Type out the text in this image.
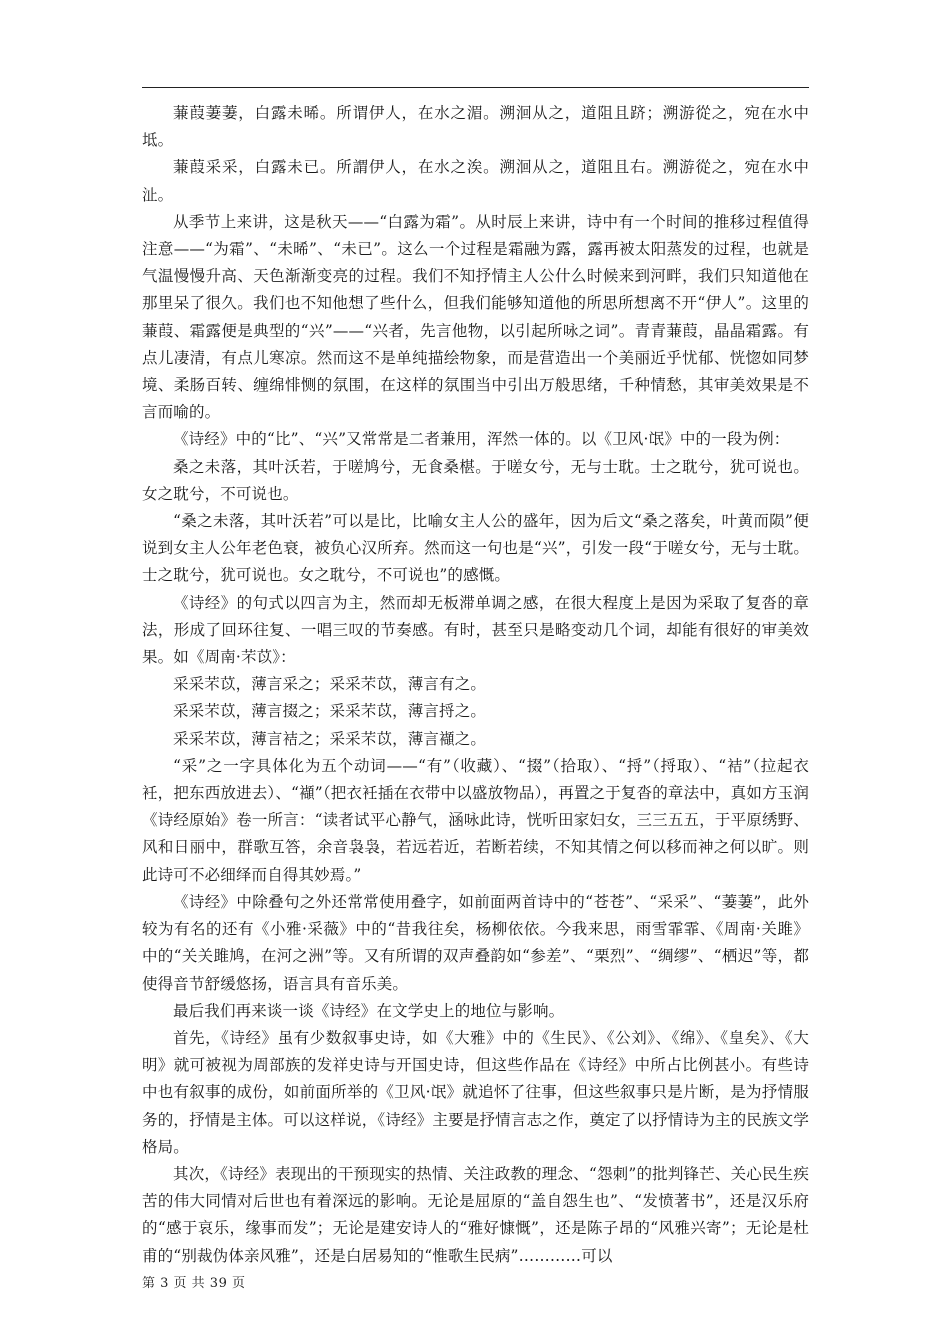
蒹葭萋萋，白露未晞。所谓伊人，在水之湄。溯洄从之，道阻且跻；溯游從之，宛在水中坻。

蒹葭采采，白露未已。所謂伊人，在水之涘。溯洄从之，道阻且右。溯游從之，宛在水中沚。

从季节上来讲，这是秋天——“白露为霜”。从时辰上来讲，诗中有一个时间的推移过程值得注意——“为霜”、“未晞”、“未已”。这么一个过程是霜融为露，露再被太阳蒸发的过程，也就是气温慢慢升高、天色渐渐变亮的过程。我们不知抒情主人公什么时候来到河畔，我们只知道他在那里呆了很久。我们也不知他想了些什么，但我们能够知道他的所思所想离不开“伊人”。这里的蒹葭、霜露便是典型的“兴”——“兴者，先言他物，以引起所咏之词”。青青蒹葭，晶晶霜露。有点儿凄清，有点儿寒凉。然而这不是单纯描绘物象，而是营造出一个美丽近乎忧郁、恍惚如同梦境、柔肠百转、缠绵悱恻的氛围，在这样的氛围当中引出万般思绪，千种情愁，其审美效果是不言而喻的。

《诗经》中的“比”、“兴”又常常是二者兼用，浑然一体的。以《卫风·氓》中的一段为例：

桑之未落，其叶沃若，于嗟鸠兮，无食桑椹。于嗟女兮，无与士耽。士之耽兮，犹可说也。女之耽兮，不可说也。

“桑之未落，其叶沃若”可以是比，比喻女主人公的盛年，因为后文“桑之落矣，叶黄而陨”便说到女主人公年老色衰，被负心汉所弃。然而这一句也是“兴”，引发一段“于嗟女兮，无与士耽。士之耽兮，犹可说也。女之耽兮，不可说也”的感慨。

《诗经》的句式以四言为主，然而却无板滞单调之感，在很大程度上是因为采取了复沓的章法，形成了回环往复、一唱三叹的节奏感。有时，甚至只是略变动几个词，却能有很好的审美效果。如《周南·芣苡》：

采采芣苡，薄言采之；采采芣苡，薄言有之。

采采芣苡，薄言掇之；采采芣苡，薄言捋之。

采采芣苡，薄言袺之；采采芣苡，薄言襭之。

“采”之一字具体化为五个动词——“有”（收藏）、“掇”（拾取）、“捋”（捋取）、“袺”（拉起衣衽，把东西放进去）、“襭”（把衣衽插在衣带中以盛放物品），再置之于复沓的章法中，真如方玉润《诗经原始》卷一所言：“读者试平心静气，涵咏此诗，恍听田家妇女，三三五五，于平原绣野、风和日丽中，群歌互答，余音袅袅，若远若近，若断若续，不知其情之何以移而神之何以旷。则此诗可不必细绎而自得其妙焉。”

《诗经》中除叠句之外还常常使用叠字，如前面两首诗中的“苍苍”、“采采”、“萋萋”，此外较为有名的还有《小雅·采薇》中的“昔我往矣，杨柳依依。今我来思，雨雪霏霏、《周南·关雎》中的“关关雎鸠，在河之洲”等。又有所谓的双声叠韵如“参差”、“栗烈”、“绸缪”、“栖迟”等，都使得音节舒缓悠扬，语言具有音乐美。

最后我们再来谈一谈《诗经》在文学史上的地位与影响。

首先，《诗经》虽有少数叙事史诗，如《大雅》中的《生民》、《公刘》、《绵》、《皇矣》、《大明》就可被视为周部族的发祥史诗与开国史诗，但这些作品在《诗经》中所占比例甚小。有些诗中也有叙事的成份，如前面所举的《卫风·氓》就追怀了往事，但这些叙事只是片断，是为抒情服务的，抒情是主体。可以这样说，《诗经》主要是抒情言志之作，奠定了以抒情诗为主的民族文学格局。

其次，《诗经》表现出的干预现实的热情、关注政教的理念、“怨刺”的批判锋芒、关心民生疾苦的伟大同情对后世也有着深远的影响。无论是屈原的“盖自怨生也”、“发愤著书”，还是汉乐府的“感于哀乐，缘事而发”；无论是建安诗人的“雅好慷慨”，还是陈子昂的“风雅兴寄”；无论是杜甫的“别裁伪体亲风雅”，还是白居易知的“惟歌生民病”…………可以

第 3 页 共 39 页
